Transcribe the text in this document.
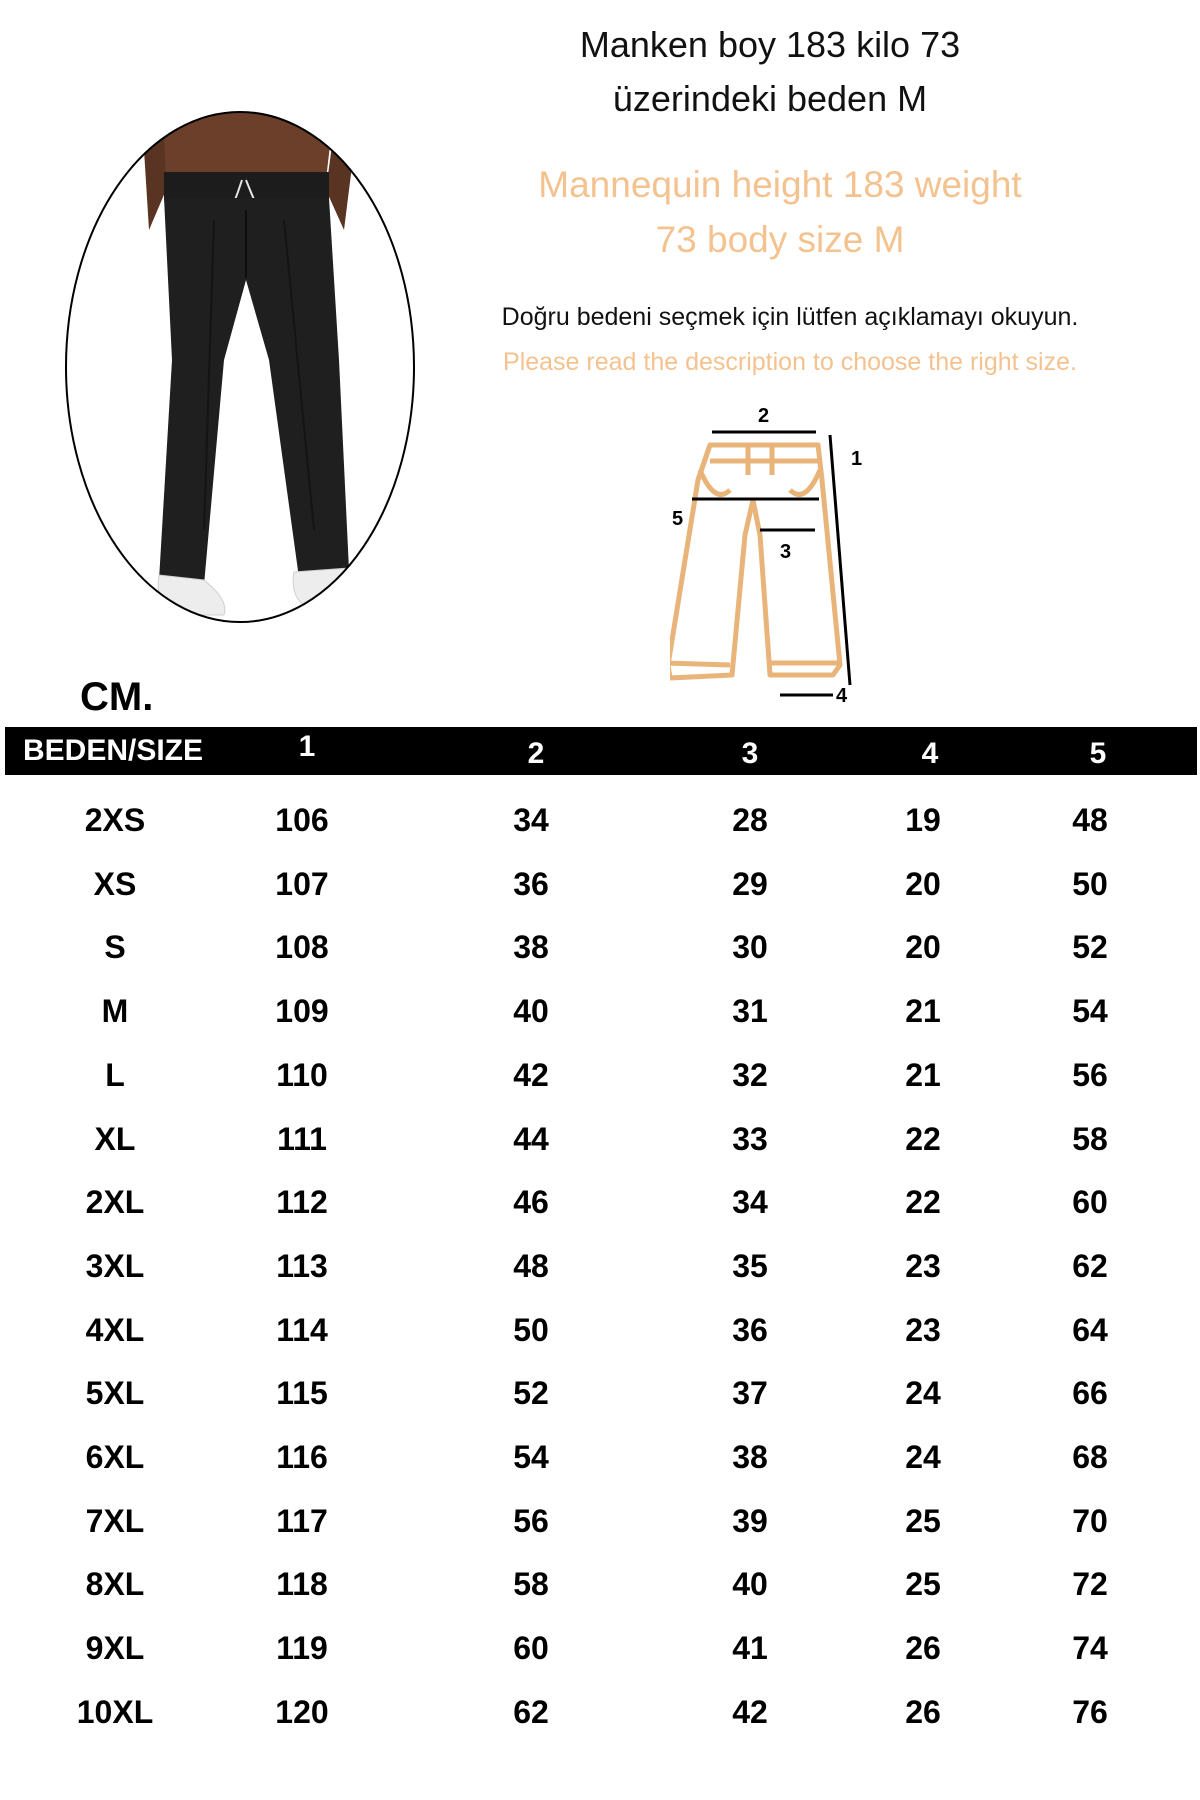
Manken boy 183 kilo 73
üzerindeki beden M
Mannequin height 183 weight
73 body size M
Doğru bedeni seçmek için lütfen açıklamayı okuyun.
Please read the description to choose the right size.
2
1
5
3
4
CM.
BEDEN/SIZE	1	2	3	4	5
2XS	106	34	28	19	48
XS	107	36	29	20	50
S	108	38	30	20	52
M	109	40	31	21	54
L	110	42	32	21	56
XL	111	44	33	22	58
2XL	112	46	34	22	60
3XL	113	48	35	23	62
4XL	114	50	36	23	64
5XL	115	52	37	24	66
6XL	116	54	38	24	68
7XL	117	56	39	25	70
8XL	118	58	40	25	72
9XL	119	60	41	26	74
10XL	120	62	42	26	76
